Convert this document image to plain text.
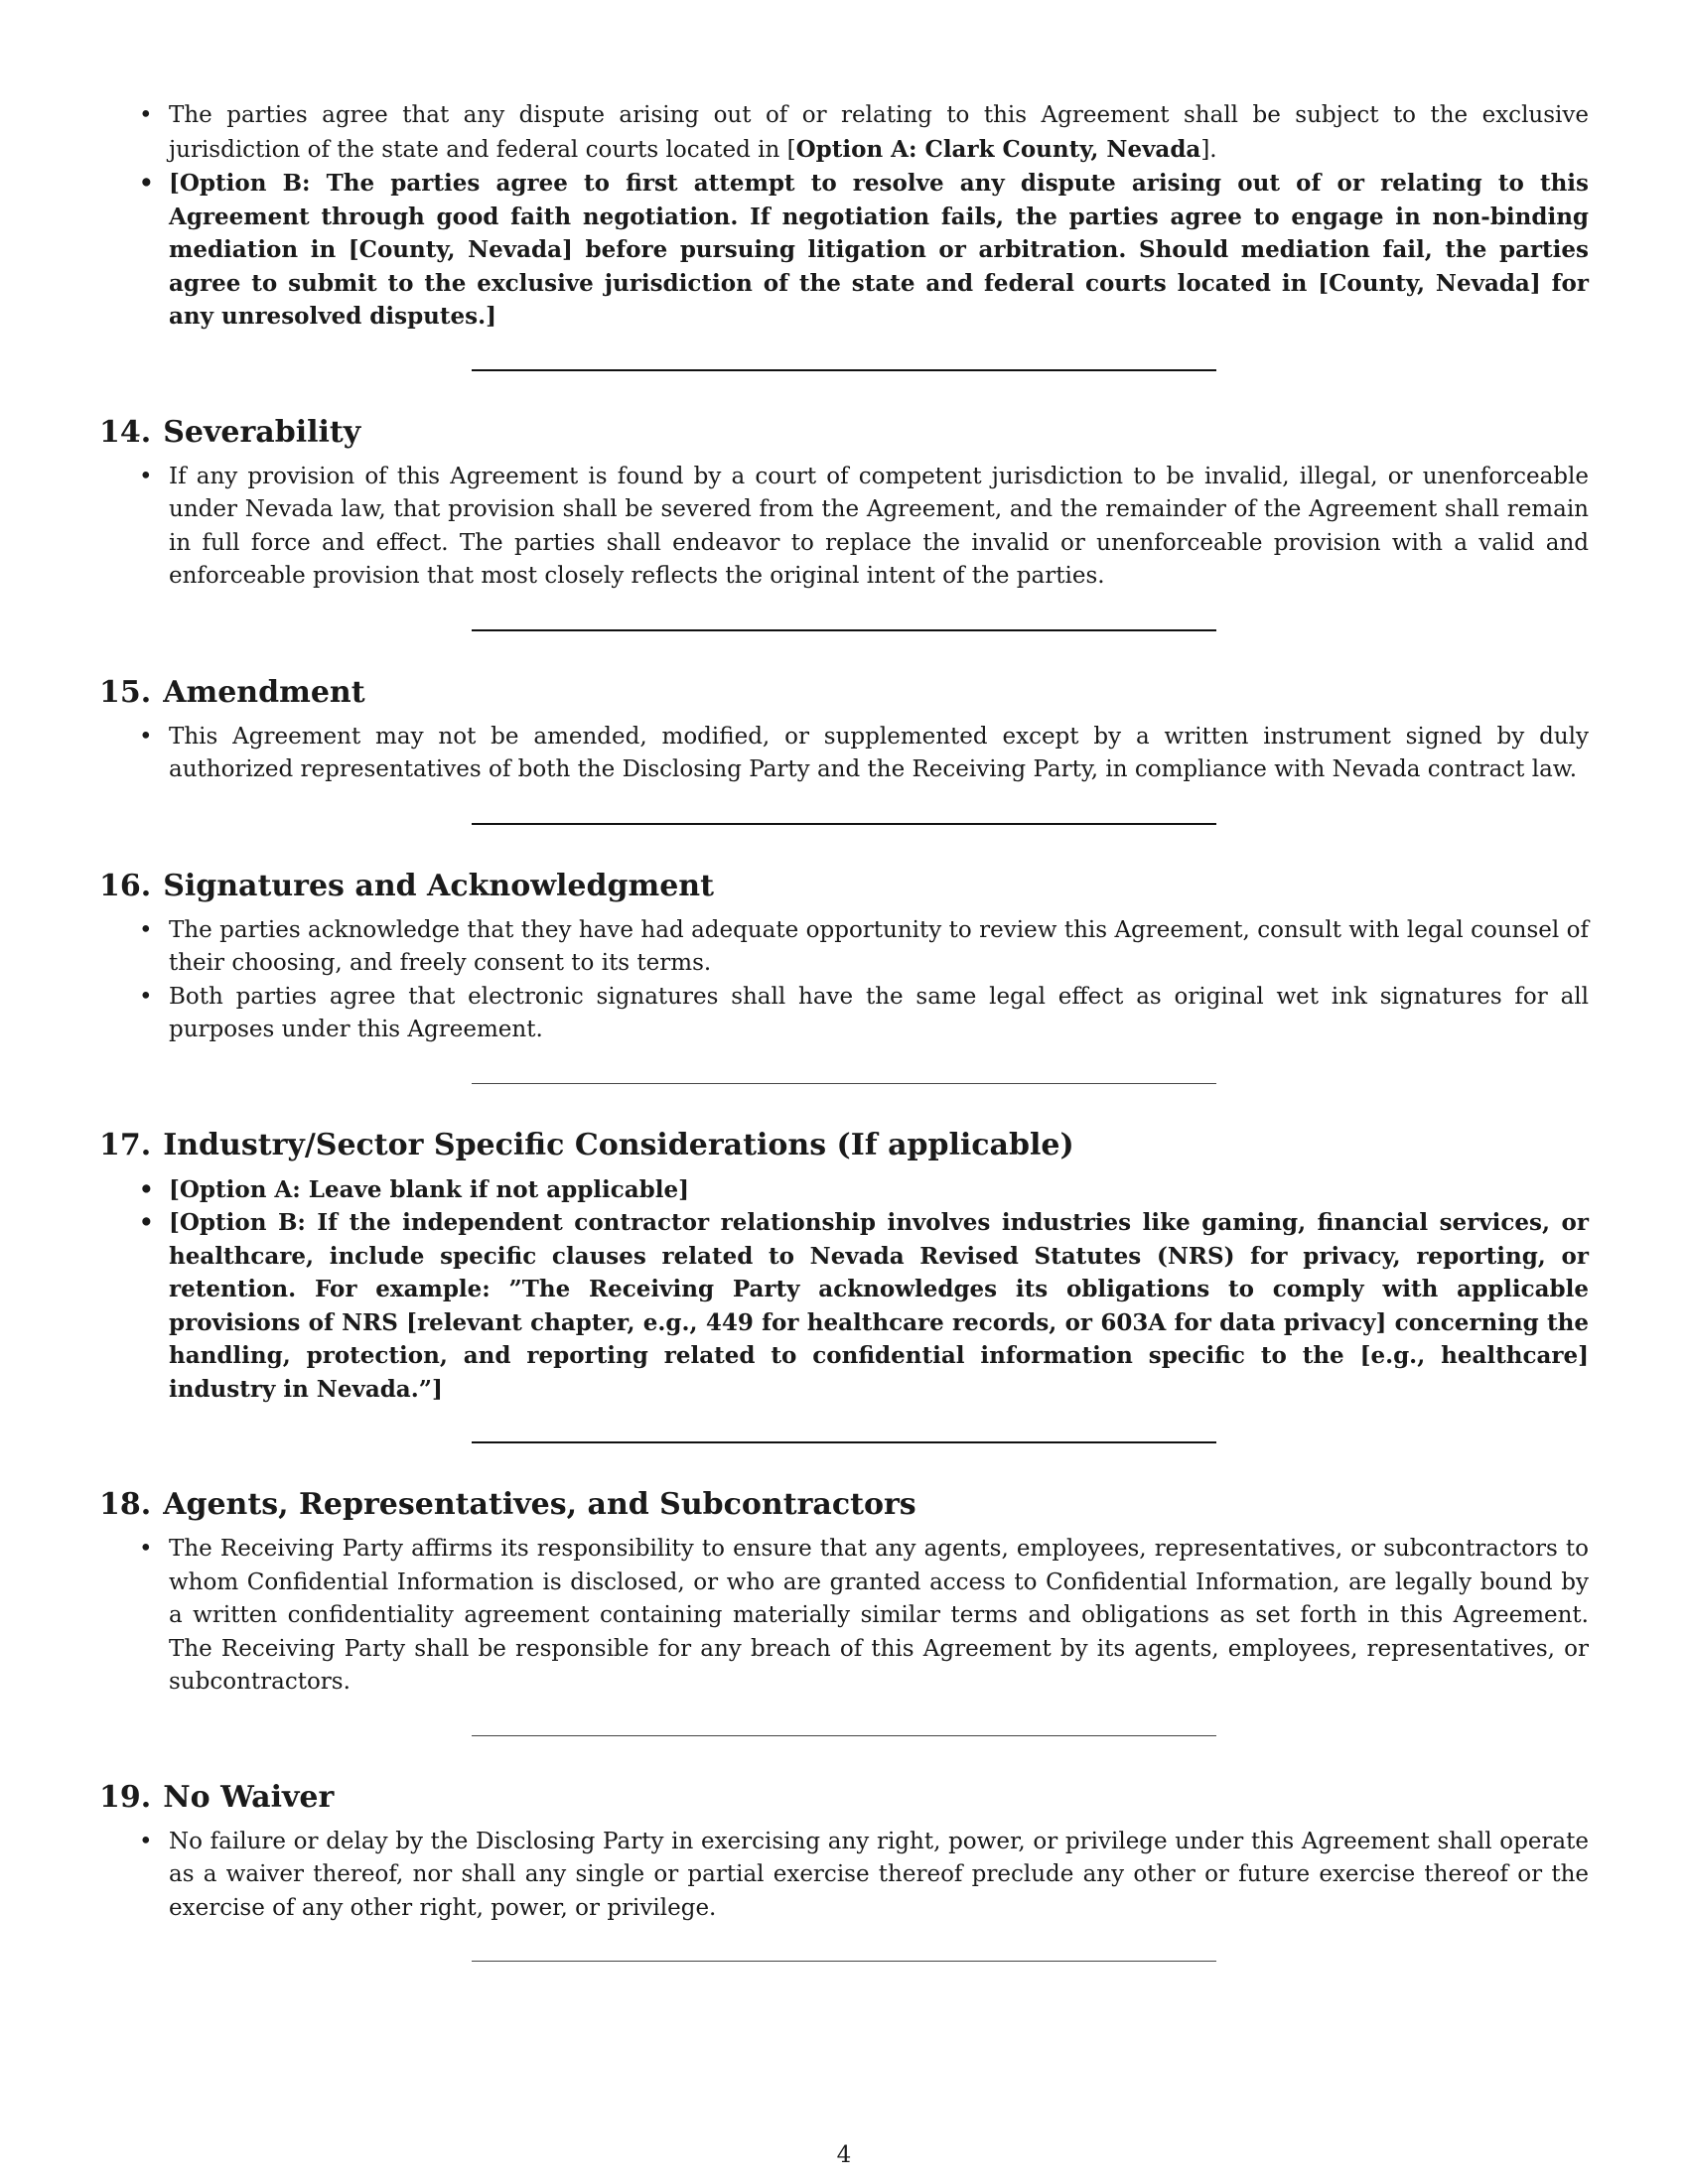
• The parties agree that any dispute arising out of or relating to this Agreement shall be subject to the exclusive jurisdiction of the state and federal courts located in [Option A: Clark County, Nevada].
• [Option B: The parties agree to first attempt to resolve any dispute arising out of or relating to this Agreement through good faith negotiation. If negotiation fails, the parties agree to engage in non-binding mediation in [County, Nevada] before pursuing litigation or arbitration. Should mediation fail, the parties agree to submit to the exclusive jurisdiction of the state and federal courts located in [County, Nevada] for any unresolved disputes.]
14. Severability
• If any provision of this Agreement is found by a court of competent jurisdiction to be invalid, illegal, or unenforceable under Nevada law, that provision shall be severed from the Agreement, and the remainder of the Agreement shall remain in full force and effect. The parties shall endeavor to replace the invalid or unenforceable provision with a valid and enforceable provision that most closely reflects the original intent of the parties.
15. Amendment
• This Agreement may not be amended, modified, or supplemented except by a written instrument signed by duly authorized representatives of both the Disclosing Party and the Receiving Party, in compliance with Nevada contract law.
16. Signatures and Acknowledgment
• The parties acknowledge that they have had adequate opportunity to review this Agreement, consult with legal counsel of their choosing, and freely consent to its terms.
• Both parties agree that electronic signatures shall have the same legal effect as original wet ink signatures for all purposes under this Agreement.
17. Industry/Sector Specific Considerations (If applicable)
• [Option A: Leave blank if not applicable]
• [Option B: If the independent contractor relationship involves industries like gaming, financial services, or healthcare, include specific clauses related to Nevada Revised Statutes (NRS) for privacy, reporting, or retention. For example: ”The Receiving Party acknowledges its obligations to comply with applicable provisions of NRS [relevant chapter, e.g., 449 for healthcare records, or 603A for data privacy] concerning the handling, protection, and reporting related to confidential information specific to the [e.g., healthcare] industry in Nevada.”]
18. Agents, Representatives, and Subcontractors
• The Receiving Party affirms its responsibility to ensure that any agents, employees, representatives, or subcontractors to whom Confidential Information is disclosed, or who are granted access to Confidential Information, are legally bound by a written confidentiality agreement containing materially similar terms and obligations as set forth in this Agreement. The Receiving Party shall be responsible for any breach of this Agreement by its agents, employees, representatives, or subcontractors.
19. No Waiver
• No failure or delay by the Disclosing Party in exercising any right, power, or privilege under this Agreement shall operate as a waiver thereof, nor shall any single or partial exercise thereof preclude any other or future exercise thereof or the exercise of any other right, power, or privilege.
4
